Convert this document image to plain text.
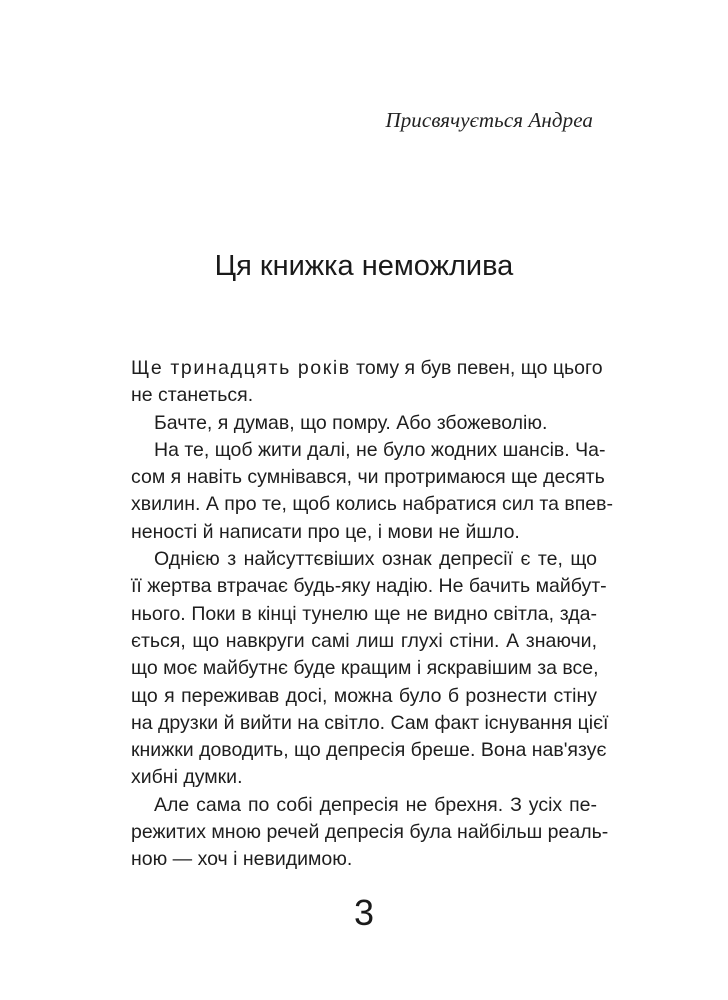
Присвячується Андреа
Ця книжка неможлива
Ще тринадцять років тому я був певен, що цього
не станеться.
Бачте, я думав, що помру. Або збожеволію.
На те, щоб жити далі, не було жодних шансів. Ча-
сом я навіть сумнівався, чи протримаюся ще десять
хвилин. А про те, щоб колись набратися сил та впев-
неності й написати про це, і мови не йшло.
Однією з найсуттєвіших ознак депресії є те, що
її жертва втрачає будь-яку надію. Не бачить майбут-
нього. Поки в кінці тунелю ще не видно світла, зда-
ється, що навкруги самі лиш глухі стіни. А знаючи,
що моє майбутнє буде кращим і яскравішим за все,
що я переживав досі, можна було б рознести стіну
на друзки й вийти на світло. Сам факт існування цієї
книжки доводить, що депресія бреше. Вона нав'язує
хибні думки.
Але сама по собі депресія не брехня. З усіх пе-
режитих мною речей депресія була найбільш реаль-
ною — хоч і невидимою.
3
